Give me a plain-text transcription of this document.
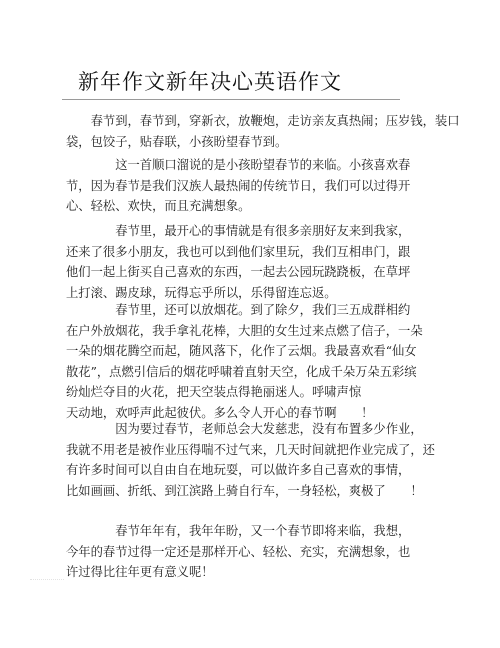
新年作文新年决心英语作文
　　春节到，春节到，穿新衣，放鞭炮，走访亲友真热闹；压岁钱，装口
袋，包饺子，贴春联，小孩盼望春节到。
　　　　这一首顺口溜说的是小孩盼望春节的来临。小孩喜欢春
节，因为春节是我们汉族人最热闹的传统节日，我们可以过得开
心、轻松、欢快，而且充满想象。
　　　　春节里，最开心的事情就是有很多亲朋好友来到我家，
还来了很多小朋友，我也可以到他们家里玩，我们互相串门，跟
他们一起上街买自己喜欢的东西，一起去公园玩跷跷板，在草坪
上打滚、踢皮球，玩得忘乎所以，乐得留连忘返。
　　　　春节里，还可以放烟花。到了除夕，我们三五成群相约
在户外放烟花，我手拿礼花棒，大胆的女生过来点燃了信子，一朵
一朵的烟花腾空而起，随风落下，化作了云烟。我最喜欢看“仙女
散花”，点燃引信后的烟花呼啸着直射天空，化成千朵万朵五彩缤
纷灿烂夺目的火花，把天空装点得艳丽迷人。呼啸声惊
天动地，欢呼声此起彼伏。多么令人开心的春节啊　　！
　　　　因为要过春节，老师总会大发慈悲，没有布置多少作业，
我就不用老是被作业压得喘不过气来，几天时间就把作业完成了，还
有许多时间可以自由自在地玩耍，可以做许多自己喜欢的事情，
比如画画、折纸、到江滨路上骑自行车，一身轻松，爽极了　　！
　　　　春节年年有，我年年盼，又一个春节即将来临，我想，
今年的春节过得一定还是那样开心、轻松、充实，充满想象，也
许过得比往年更有意义呢！
